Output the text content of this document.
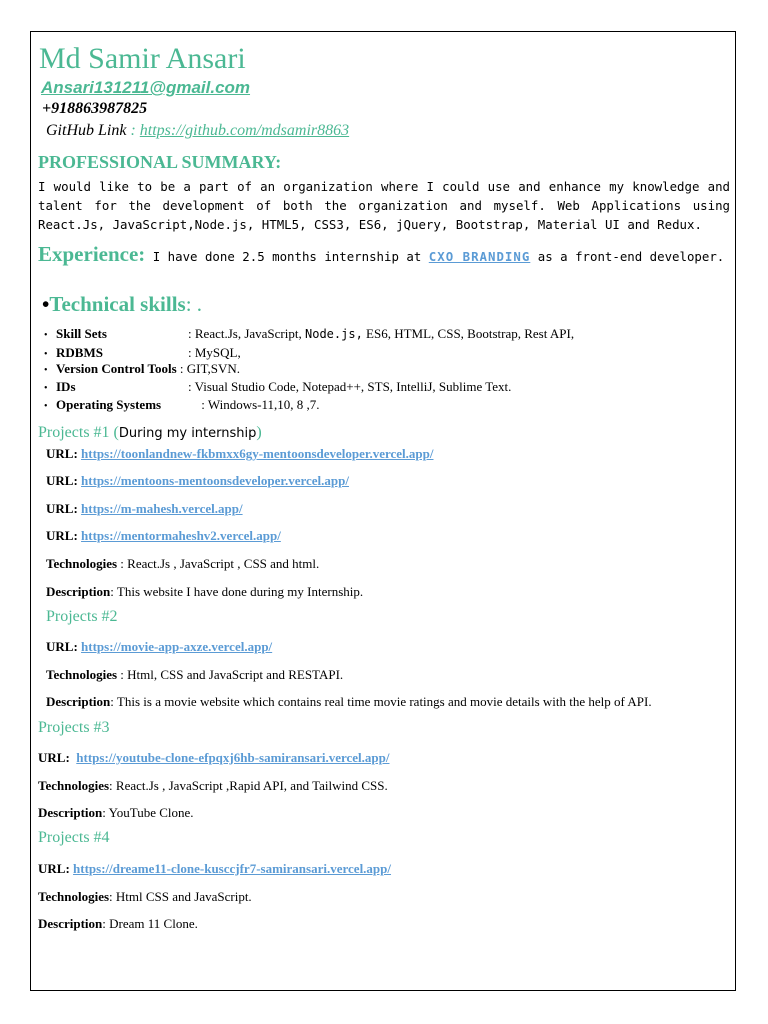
Md Samir Ansari
Ansari131211@gmail.com
+918863987825
GitHub Link : https://github.com/mdsamir8863
PROFESSIONAL SUMMARY:
I would like to be a part of an organization where I could use and enhance my knowledge and talent for the development of both the organization and myself. Web Applications using React.Js, JavaScript,Node.js, HTML5, CSS3, ES6, jQuery, Bootstrap, Material UI and Redux.
Experience: I have done 2.5 months internship at CXO BRANDING as a front-end developer.
•Technical skills: .
• Skill Sets	: React.Js, JavaScript, Node.js, ES6, HTML, CSS, Bootstrap, Rest API,
• RDBMS	: MySQL,
• Version Control Tools : GIT,SVN.
• IDs	: Visual Studio Code, Notepad++, STS, IntelliJ, Sublime Text.
• Operating Systems	: Windows-11,10, 8 ,7.
Projects #1 (During my internship)
URL: https://toonlandnew-fkbmxx6gy-mentoonsdeveloper.vercel.app/
URL: https://mentoons-mentoonsdeveloper.vercel.app/
URL: https://m-mahesh.vercel.app/
URL: https://mentormaheshv2.vercel.app/
Technologies : React.Js , JavaScript , CSS and html.
Description: This website I have done during my Internship.
Projects #2
URL: https://movie-app-axze.vercel.app/
Technologies : Html, CSS and JavaScript and RESTAPI.
Description: This is a movie website which contains real time movie ratings and movie details with the help of API.
Projects #3
URL: https://youtube-clone-efpqxj6hb-samiransari.vercel.app/
Technologies: React.Js , JavaScript ,Rapid API, and Tailwind CSS.
Description: YouTube Clone.
Projects #4
URL: https://dreame11-clone-kusccjfr7-samiransari.vercel.app/
Technologies: Html CSS and JavaScript.
Description: Dream 11 Clone.
